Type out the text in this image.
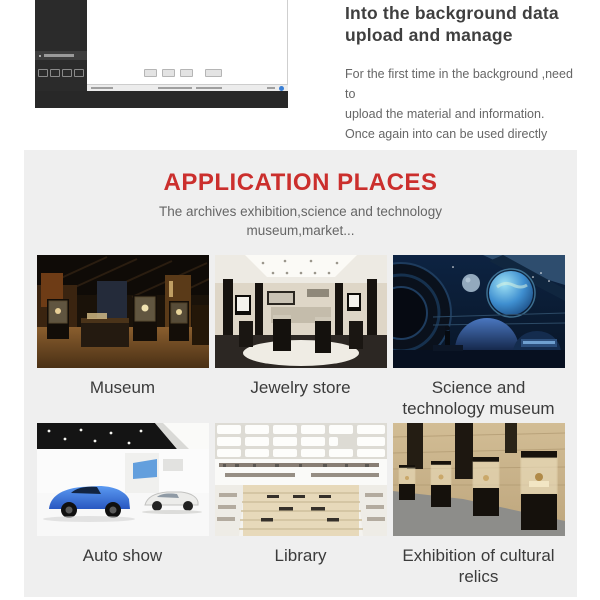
Into the background data
upload and manage
For the first time in the background ,need to
upload the material and information.
Once again into can be used directly
APPLICATION PLACES
The archives exhibition,science and technology
museum,market...
Museum	Jewelry store	Science and technology museum
Auto show	Library	Exhibition of cultural relics
